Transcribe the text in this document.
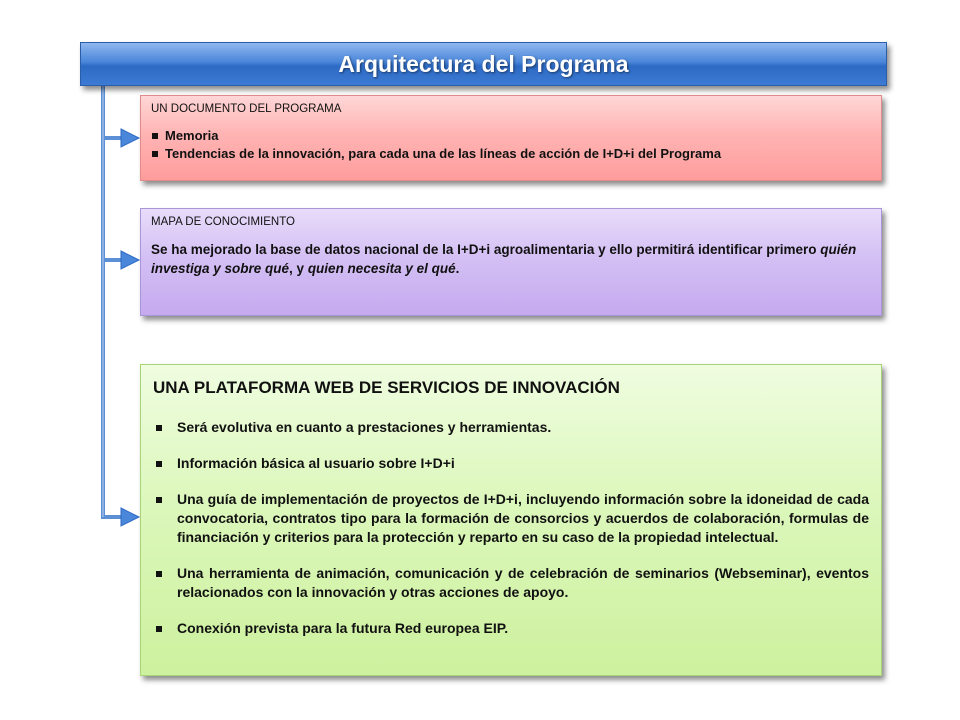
Arquitectura del Programa

UN DOCUMENTO DEL PROGRAMA

Memoria
Tendencias de la innovación, para cada una de las líneas de acción de I+D+i del Programa

MAPA DE CONOCIMIENTO

Se ha mejorado la base de datos nacional de la I+D+i agroalimentaria y ello permitirá identificar primero quién investiga y sobre qué, y quien necesita y el qué.

UNA PLATAFORMA WEB DE SERVICIOS DE INNOVACIÓN

Será evolutiva en cuanto a prestaciones y herramientas.
Información básica al usuario sobre I+D+i
Una guía de implementación de proyectos de I+D+i, incluyendo información sobre la idoneidad de cada convocatoria, contratos tipo para la formación de consorcios y acuerdos de colaboración, formulas de financiación y criterios para la protección y reparto en su caso de la propiedad intelectual.
Una herramienta de animación, comunicación y de celebración de seminarios (Webseminar), eventos relacionados con la innovación y otras acciones de apoyo.
Conexión prevista para la futura Red europea EIP.
